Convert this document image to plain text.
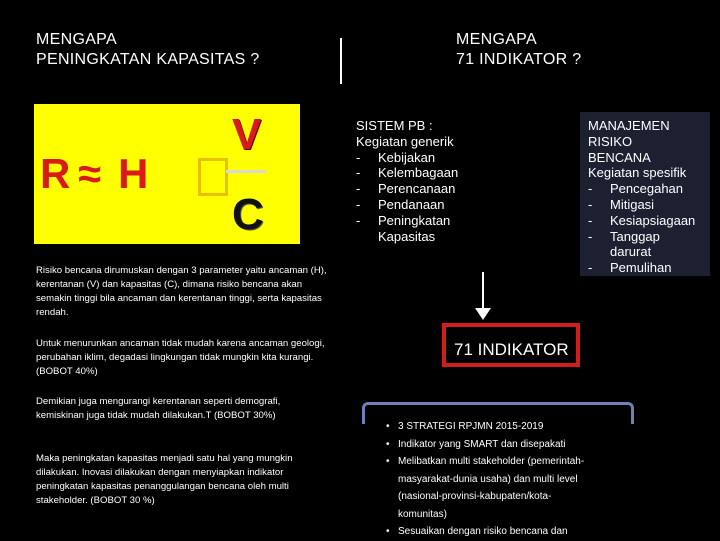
MENGAPA
PENINGKATAN KAPASITAS ?
MENGAPA
71 INDIKATOR ?
R ≈ H
V
C
Risiko bencana dirumuskan dengan 3 parameter yaitu ancaman (H), kerentanan (V) dan kapasitas (C), dimana risiko bencana akan semakin tinggi bila ancaman dan kerentanan tinggi, serta kapasitas rendah.
Untuk menurunkan ancaman tidak mudah karena ancaman geologi, perubahan iklim, degadasi lingkungan tidak mungkin kita kurangi. (BOBOT 40%)
Demikian juga mengurangi kerentanan seperti demografi, kemiskinan juga tidak mudah dilakukan.T (BOBOT 30%)
Maka peningkatan kapasitas menjadi satu hal yang mungkin dilakukan. Inovasi dilakukan dengan menyiapkan indikator peningkatan kapasitas penanggulangan bencana oleh multi stakeholder. (BOBOT 30 %)
SISTEM PB :
Kegiatan generik
-	Kebijakan
-	Kelembagaan
-	Perencanaan
-	Pendanaan
-	Peningkatan
Kapasitas
MANAJEMEN
RISIKO
BENCANA
Kegiatan spesifik
-	Pencegahan
-	Mitigasi
-	Kesiapsiagaan
-	Tanggap
darurat
-	Pemulihan
71 INDIKATOR
• 3 STRATEGI RPJMN 2015-2019
• Indikator yang SMART dan disepakati
• Melibatkan multi stakeholder (pemerintah-
masyarakat-dunia usaha) dan multi level
(nasional-provinsi-kabupaten/kota-
komunitas)
• Sesuaikan dengan risiko bencana dan
